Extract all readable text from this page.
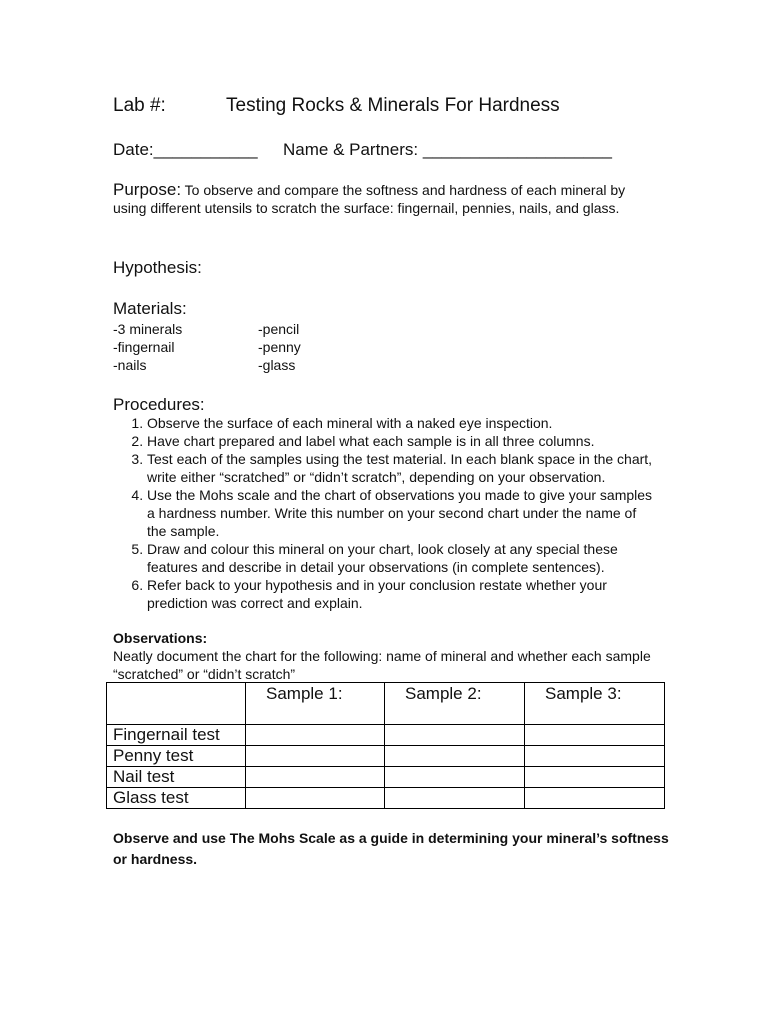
Lab #:	Testing Rocks & Minerals For Hardness
Date:___________ Name & Partners: ____________________
Purpose: To observe and compare the softness and hardness of each mineral by using different utensils to scratch the surface: fingernail, pennies, nails, and glass.
Hypothesis:
Materials:
-3 minerals
-fingernail
-nails
-pencil
-penny
-glass
Procedures:
1. Observe the surface of each mineral with a naked eye inspection.
2. Have chart prepared and label what each sample is in all three columns.
3. Test each of the samples using the test material. In each blank space in the chart, write either “scratched” or “didn’t scratch”, depending on your observation.
4. Use the Mohs scale and the chart of observations you made to give your samples a hardness number. Write this number on your second chart under the name of the sample.
5. Draw and colour this mineral on your chart, look closely at any special these features and describe in detail your observations (in complete sentences).
6. Refer back to your hypothesis and in your conclusion restate whether your prediction was correct and explain.
Observations:
Neatly document the chart for the following: name of mineral and whether each sample “scratched” or “didn’t scratch”
	Sample 1:	Sample 2:	Sample 3:
Fingernail test			
Penny test			
Nail test			
Glass test			
Observe and use The Mohs Scale as a guide in determining your mineral’s softness or hardness.
